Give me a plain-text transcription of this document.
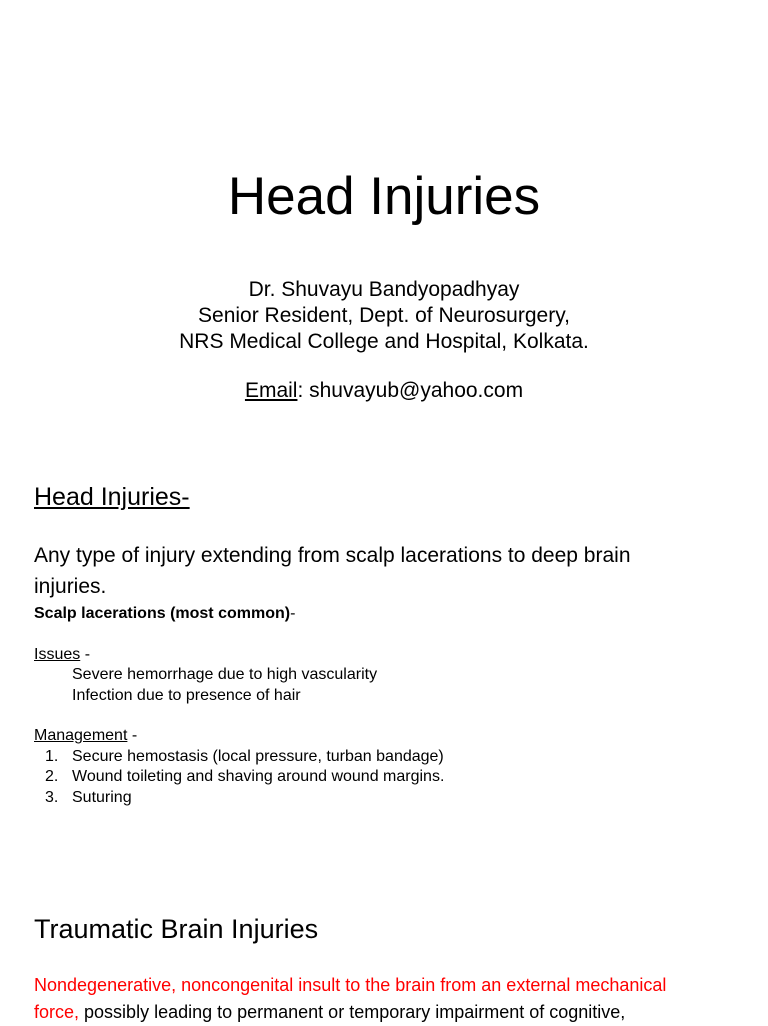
Head Injuries
Dr. Shuvayu Bandyopadhyay
Senior Resident, Dept. of Neurosurgery,
NRS Medical College and Hospital, Kolkata.
Email: shuvayub@yahoo.com
Head Injuries-
Any type of injury extending from scalp lacerations to deep brain
injuries.
Scalp lacerations (most common)-
Issues -
Severe hemorrhage due to high vascularity
Infection due to presence of hair
Management -
1. Secure hemostasis (local pressure, turban bandage)
2. Wound toileting and shaving around wound margins.
3. Suturing
Traumatic Brain Injuries
Nondegenerative, noncongenital insult to the brain from an external mechanical
force, possibly leading to permanent or temporary impairment of cognitive,
